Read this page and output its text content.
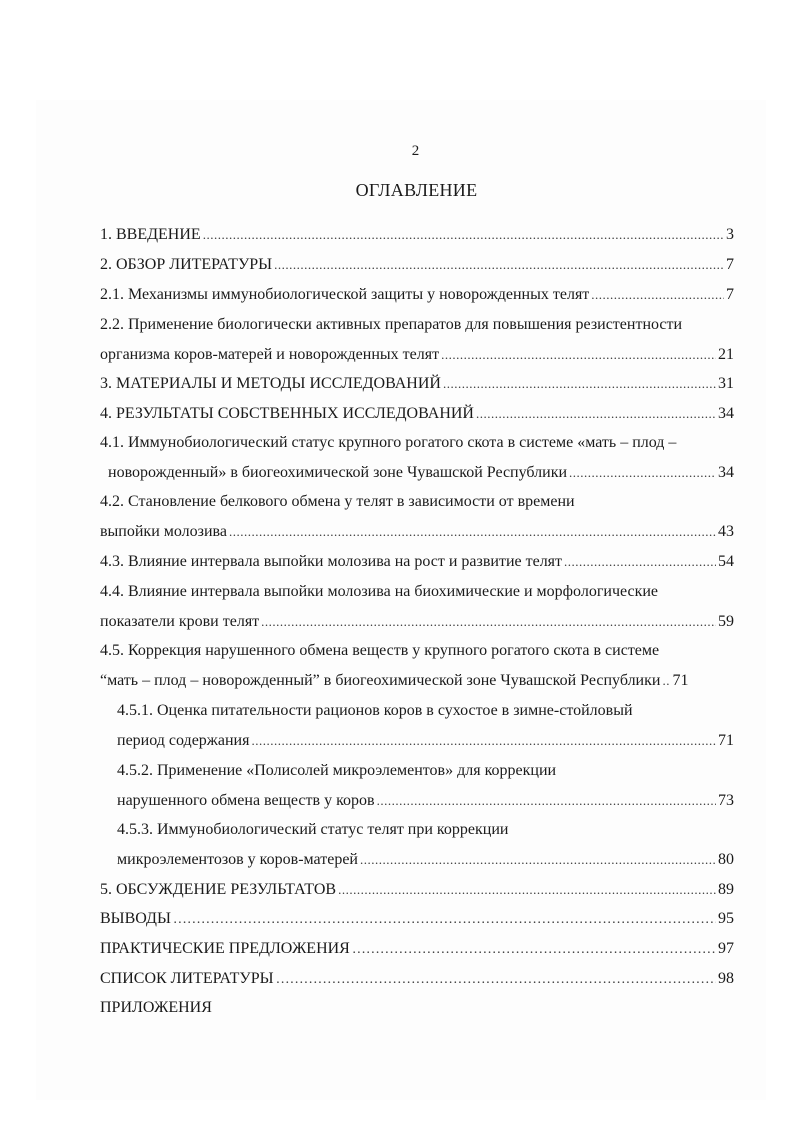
2
ОГЛАВЛЕНИЕ
1. ВВЕДЕНИЕ .....	3
2. ОБЗОР ЛИТЕРАТУРЫ .....	7
2.1. Механизмы иммунобиологической защиты у новорожденных телят .....	7
2.2. Применение биологически активных препаратов для повышения резистентности
организма коров-матерей и новорожденных телят .....	21
3. МАТЕРИАЛЫ И МЕТОДЫ ИССЛЕДОВАНИЙ .....	31
4. РЕЗУЛЬТАТЫ СОБСТВЕННЫХ ИССЛЕДОВАНИЙ .....	34
4.1. Иммунобиологический статус крупного рогатого скота в системе «мать – плод –
новорожденный» в биогеохимической зоне Чувашской Республики .....	34
4.2. Становление белкового обмена у телят в зависимости от времени
выпойки молозива .....	43
4.3. Влияние интервала выпойки молозива на рост и развитие телят .....	54
4.4. Влияние интервала выпойки молозива на биохимические и морфологические
показатели крови телят .....	59
4.5. Коррекция нарушенного обмена веществ у крупного рогатого скота в системе
“мать – плод – новорожденный” в биогеохимической зоне Чувашской Республики ..... 71
4.5.1. Оценка питательности рационов коров в сухостое в зимне-стойловый
период содержания .....	71
4.5.2. Применение «Полисолей микроэлементов» для коррекции
нарушенного обмена веществ у коров .....	73
4.5.3. Иммунобиологический статус телят при коррекции
микроэлементозов у коров-матерей .....	80
5. ОБСУЖДЕНИЕ РЕЗУЛЬТАТОВ .....	89
ВЫВОДЫ ………………………………………………………………………………………………………………………………………………	95
ПРАКТИЧЕСКИЕ ПРЕДЛОЖЕНИЯ ………………………………………………………………………………………………………………………………………………	97
СПИСОК ЛИТЕРАТУРЫ ………………………………………………………………………………………………………………………………………………	98
ПРИЛОЖЕНИЯ
